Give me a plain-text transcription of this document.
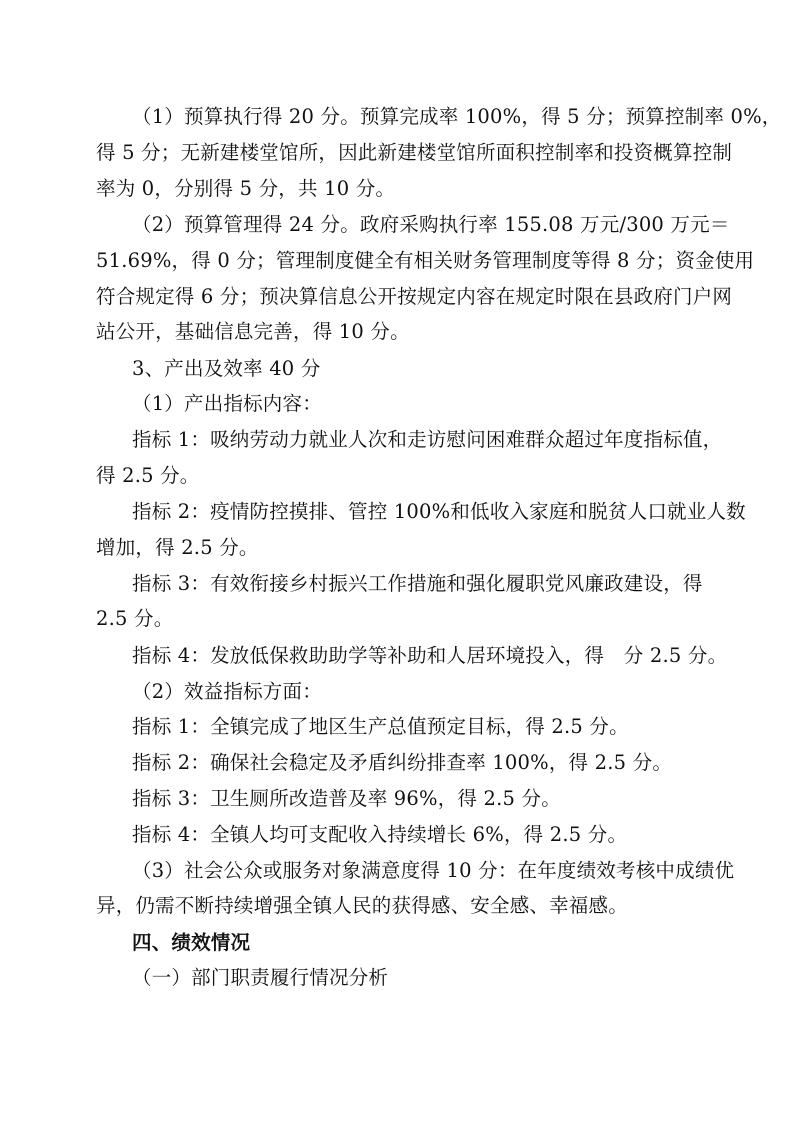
（1）预算执行得 20 分。预算完成率 100%，得 5 分；预算控制率 0%，
得 5 分；无新建楼堂馆所，因此新建楼堂馆所面积控制率和投资概算控制
率为 0，分别得 5 分，共 10 分。
（2）预算管理得 24 分。政府采购执行率 155.08 万元/300 万元＝
51.69%，得 0 分；管理制度健全有相关财务管理制度等得 8 分；资金使用
符合规定得 6 分；预决算信息公开按规定内容在规定时限在县政府门户网
站公开，基础信息完善，得 10 分。
3、产出及效率 40 分
（1）产出指标内容：
指标 1：吸纳劳动力就业人次和走访慰问困难群众超过年度指标值，
得 2.5 分。
指标 2：疫情防控摸排、管控 100%和低收入家庭和脱贫人口就业人数
增加，得 2.5 分。
指标 3：有效衔接乡村振兴工作措施和强化履职党风廉政建设，得
2.5 分。
指标 4：发放低保救助助学等补助和人居环境投入，得　分 2.5 分。
（2）效益指标方面：
指标 1：全镇完成了地区生产总值预定目标，得 2.5 分。
指标 2：确保社会稳定及矛盾纠纷排查率 100%，得 2.5 分。
指标 3：卫生厕所改造普及率 96%，得 2.5 分。
指标 4：全镇人均可支配收入持续增长 6%，得 2.5 分。
（3）社会公众或服务对象满意度得 10 分：在年度绩效考核中成绩优
异，仍需不断持续增强全镇人民的获得感、安全感、幸福感。
四、绩效情况
（一）部门职责履行情况分析
